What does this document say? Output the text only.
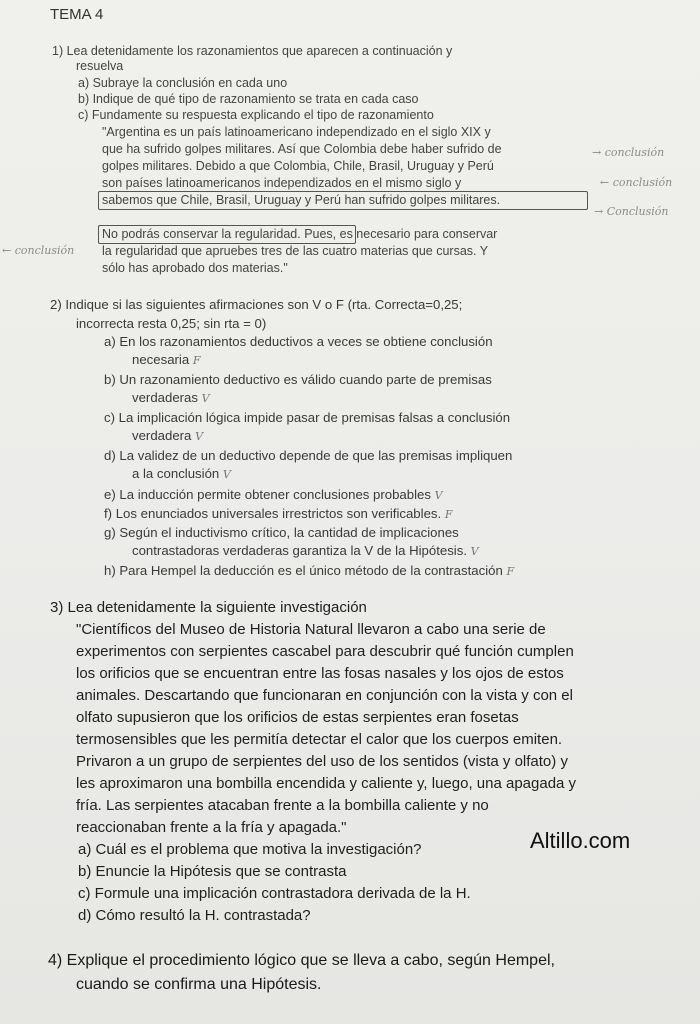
TEMA 4
1) Lea detenidamente los razonamientos que aparecen a continuación y
resuelva
a) Subraye la conclusión en cada uno
b) Indique de qué tipo de razonamiento se trata en cada caso
c) Fundamente su respuesta explicando el tipo de razonamiento
"Argentina es un país latinoamericano independizado en el siglo XIX y
que ha sufrido golpes militares. Así que Colombia debe haber sufrido de
golpes militares. Debido a que Colombia, Chile, Brasil, Uruguay y Perú
son países latinoamericanos independizados en el mismo siglo y
sabemos que Chile, Brasil, Uruguay y Perú han sufrido golpes militares.
No podrás conservar la regularidad. Pues, es necesario para conservar
la regularidad que apruebes tres de las cuatro materias que cursas. Y
sólo has aprobado dos materias."
→ conclusión
← conclusión
→ Conclusión
← conclusión
2) Indique si las siguientes afirmaciones son V o F (rta. Correcta=0,25;
incorrecta resta 0,25; sin rta = 0)
a) En los razonamientos deductivos a veces se obtiene conclusión
necesaria F
b) Un razonamiento deductivo es válido cuando parte de premisas
verdaderas V
c) La implicación lógica impide pasar de premisas falsas a conclusión
verdadera V
d) La validez de un deductivo depende de que las premisas impliquen
a la conclusión V
e) La inducción permite obtener conclusiones probables V
f) Los enunciados universales irrestrictos son verificables. F
g) Según el inductivismo crítico, la cantidad de implicaciones
contrastadoras verdaderas garantiza la V de la Hipótesis. V
h) Para Hempel la deducción es el único método de la contrastación F
3) Lea detenidamente la siguiente investigación
"Científicos del Museo de Historia Natural llevaron a cabo una serie de
experimentos con serpientes cascabel para descubrir qué función cumplen
los orificios que se encuentran entre las fosas nasales y los ojos de estos
animales. Descartando que funcionaran en conjunción con la vista y con el
olfato supusieron que los orificios de estas serpientes eran fosetas
termosensibles que les permitía detectar el calor que los cuerpos emiten.
Privaron a un grupo de serpientes del uso de los sentidos (vista y olfato) y
les aproximaron una bombilla encendida y caliente y, luego, una apagada y
fría. Las serpientes atacaban frente a la bombilla caliente y no
reaccionaban frente a la fría y apagada."
a) Cuál es el problema que motiva la investigación?
b) Enuncie la Hipótesis que se contrasta
c) Formule una implicación contrastadora derivada de la H.
d) Cómo resultó la H. contrastada?
Altillo.com
4) Explique el procedimiento lógico que se lleva a cabo, según Hempel,
cuando se confirma una Hipótesis.
